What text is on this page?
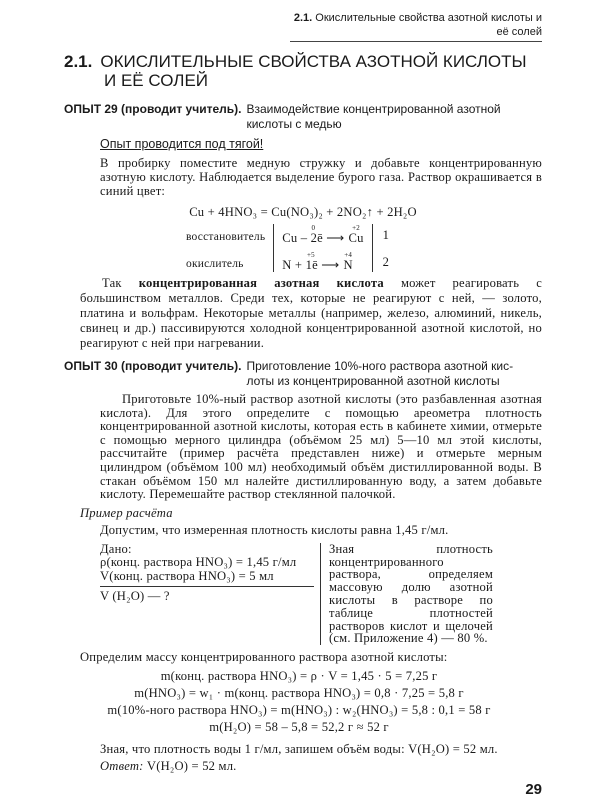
2.1. Окислительные свойства азотной кислоты и её солей
2.1. ОКИСЛИТЕЛЬНЫЕ СВОЙСТВА АЗОТНОЙ КИСЛОТЫ
И ЕЁ СОЛЕЙ
ОПЫТ 29 (проводит учитель). Взаимодействие концентрированной азотной
кислоты с медью
Опыт проводится под тягой!
В пробирку поместите медную стружку и добавьте концентрированную азотную кислоту. Наблюдается выделение бурого газа. Раствор окрашивается в синий цвет:
Cu + 4HNO₃ = Cu(NO₃)₂ + 2NO₂↑ + 2H₂O
восстановитель
0
Cu – 2ē ⟶
+2
Cu	1
окислитель
+5
N + 1ē ⟶
+4
N	2
Так концентрированная азотная кислота может реагировать с большинством металлов. Среди тех, которые не реагируют с ней, — золото, платина и вольфрам. Некоторые металлы (например, железо, алюминий, никель, свинец и др.) пассивируются холодной концентрированной азотной кислотой, но реагируют с ней при нагревании.
ОПЫТ 30 (проводит учитель). Приготовление 10%-ного раствора азотной кис-
лоты из концентрированной азотной кислоты
Приготовьте 10%-ный раствор азотной кислоты (это разбавленная азотная кислота). Для этого определите с помощью ареометра плотность концентрированной азотной кислоты, которая есть в кабинете химии, отмерьте с помощью мерного цилиндра (объёмом 25 мл) 5—10 мл этой кислоты, рассчитайте (пример расчёта представлен ниже) и отмерьте мерным цилиндром (объёмом 100 мл) необходимый объём дистиллированной воды. В стакан объёмом 150 мл налейте дистиллированную воду, а затем добавьте кислоту. Перемешайте раствор стеклянной палочкой.
Пример расчёта
Допустим, что измеренная плотность кислоты равна 1,45 г/мл.
Дано:
ρ(конц. раствора HNO₃) = 1,45 г/мл
V(конц. раствора HNO₃) = 5 мл
V (H₂O) — ?
Зная плотность концентрированного раствора, определяем массовую долю азотной кислоты в растворе по таблице плотностей растворов кислот и щелочей (см. Приложение 4) — 80 %.
Определим массу концентрированного раствора азотной кислоты:
m(конц. раствора HNO₃) = ρ · V = 1,45 · 5 = 7,25 г
m(HNO₃) = w₁ · m(конц. раствора HNO₃) = 0,8 · 7,25 = 5,8 г
m(10%-ного раствора HNO₃) = m(HNO₃) : w₂(HNO₃) = 5,8 : 0,1 = 58 г
m(H₂O) = 58 – 5,8 = 52,2 г ≈ 52 г
Зная, что плотность воды 1 г/мл, запишем объём воды: V(H₂O) = 52 мл.
Ответ: V(H₂O) = 52 мл.
29
